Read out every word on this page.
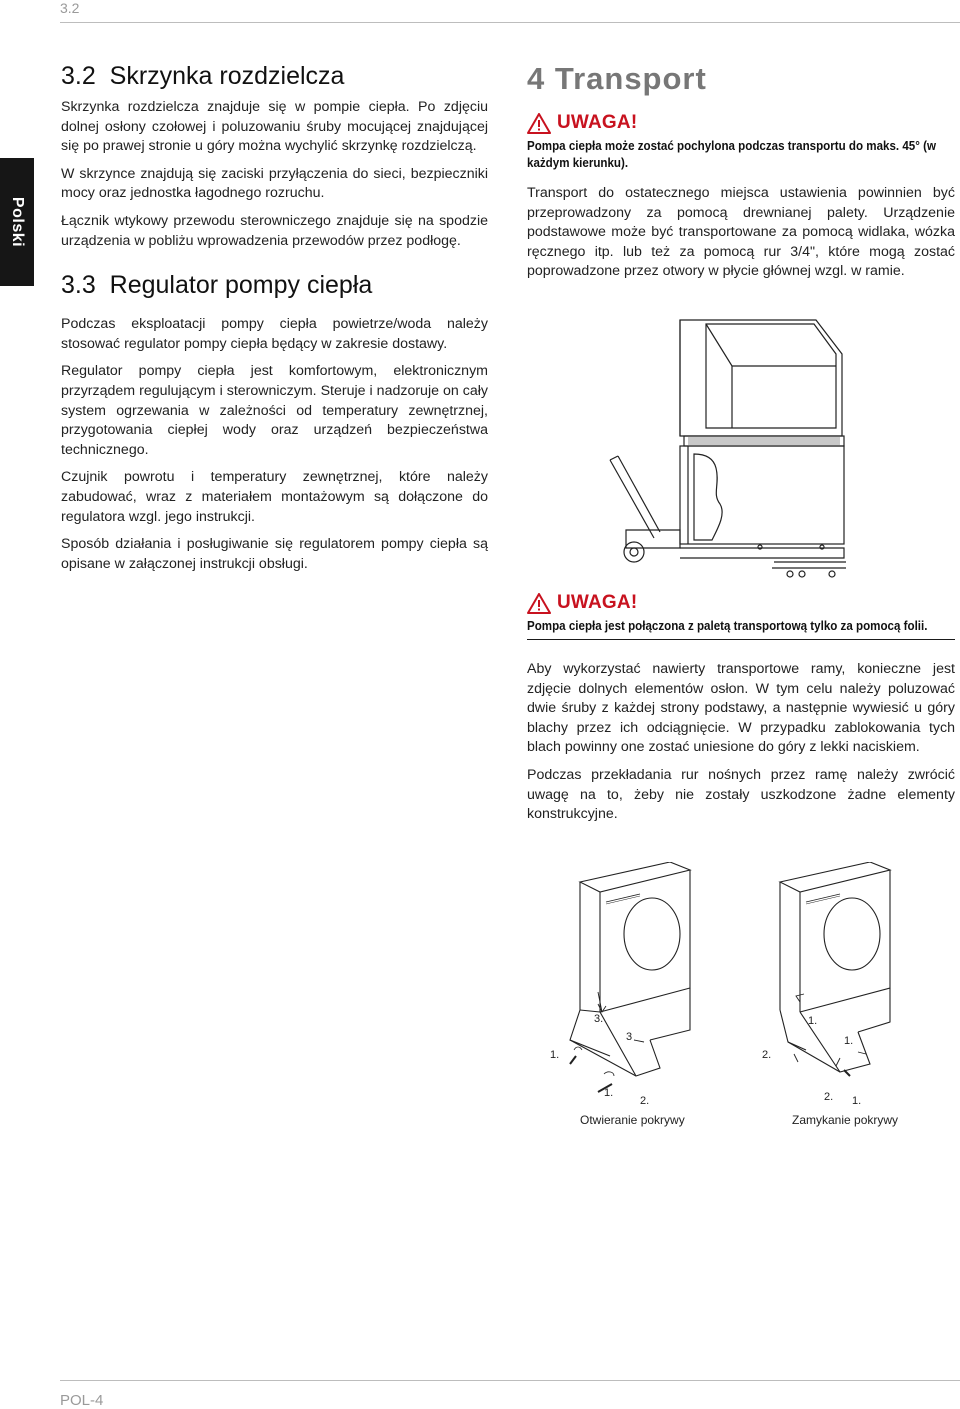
3.2
Polski
3.2  Skrzynka rozdzielcza

Skrzynka rozdzielcza znajduje się w pompie ciepła. Po zdjęciu dolnej osłony czołowej i poluzowaniu śruby mocującej znajdującej się po prawej stronie u góry można wychylić skrzynkę rozdzielczą.

W skrzynce znajdują się zaciski przyłączenia do sieci, bezpieczniki mocy oraz jednostka łagodnego rozruchu.

Łącznik wtykowy przewodu sterowniczego znajduje się na spodzie urządzenia w pobliżu wprowadzenia przewodów przez podłogę.

3.3  Regulator pompy ciepła

Podczas eksploatacji pompy ciepła powietrze/woda należy stosować regulator pompy ciepła będący w zakresie dostawy.

Regulator pompy ciepła jest komfortowym, elektronicznym przyrządem regulującym i sterowniczym. Steruje i nadzoruje on cały system ogrzewania w zależności od temperatury zewnętrznej, przygotowania ciepłej wody oraz urządzeń bezpieczeństwa technicznego.

Czujnik powrotu i temperatury zewnętrznej, które należy zabudować, wraz z materiałem montażowym są dołączone do regulatora wzgl. jego instrukcji.

Sposób działania i posługiwanie się regulatorem pompy ciepła są opisane w załączonej instrukcji obsługi.

4 Transport
UWAGA!
Pompa ciepła może zostać pochylona podczas transportu do maks. 45° (w każdym kierunku).

Transport do ostatecznego miejsca ustawienia powinnien być przeprowadzony za pomocą drewnianej palety. Urządzenie podstawowe może być transportowane za pomocą widlaka, wózka ręcznego itp. lub też za pomocą rur 3/4", które mogą zostać poprowadzone przez otwory w płycie głównej wzgl. w ramie.

UWAGA!
Pompa ciepła jest połączona z paletą transportową tylko za pomocą folii.

Aby wykorzystać nawierty transportowe ramy, konieczne jest zdjęcie dolnych elementów osłon. W tym celu należy poluzować dwie śruby z każdej strony podstawy, a następnie wywiesić u góry blachy przez ich odciągnięcie. W przypadku zablokowania tych blach powinny one zostać uniesione do góry z lekki naciskiem.

Podczas przekładania rur nośnych przez ramę należy zwrócić uwagę na to, żeby nie zostały uszkodzone żadne elementy konstrukcyjne.

1.
2.
3.
3
1.
1.
1.
2.
2. 1.
Otwieranie pokrywy	Zamykanie pokrywy
POL-4
